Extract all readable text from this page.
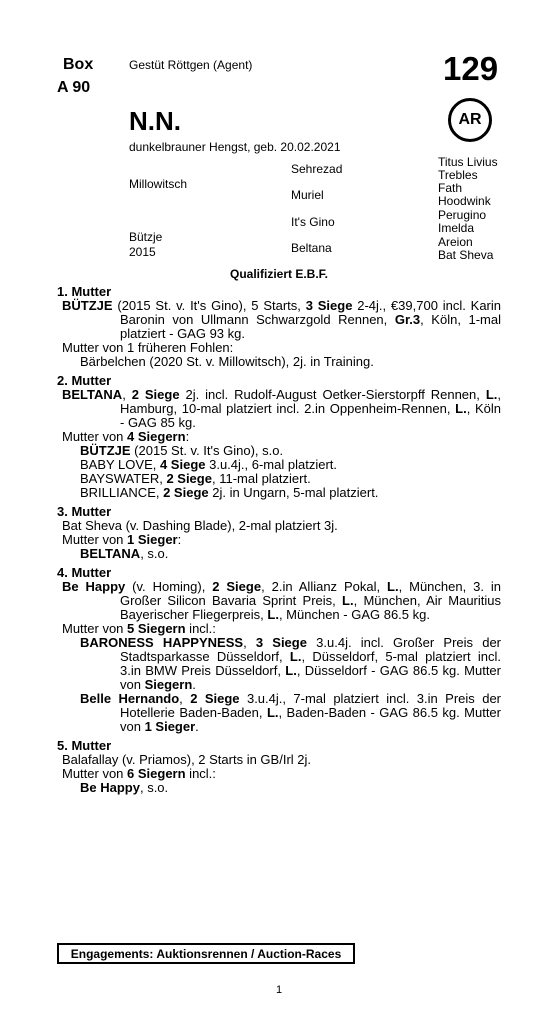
Box
A 90
Gestüt Röttgen (Agent)	129
AR
N.N.
dunkelbrauner Hengst, geb. 20.02.2021
Millowitsch
Sehrezad
Muriel
Bützje
2015
It's Gino
Beltana
Titus Livius
Trebles
Fath
Hoodwink
Perugino
Imelda
Areion
Bat Sheva
Qualifiziert E.B.F.
1. Mutter

BÜTZJE (2015 St. v. It's Gino), 5 Starts, 3 Siege 2-4j., €39,700 incl. Karin Baronin von Ullmann Schwarzgold Rennen, Gr.3, Köln, 1-mal platziert - GAG 93 kg.

Mutter von 1 früheren Fohlen:

Bärbelchen (2020 St. v. Millowitsch), 2j. in Training.

2. Mutter

BELTANA, 2 Siege 2j. incl. Rudolf-August Oetker-Sierstorpff Rennen, L., Hamburg, 10-mal platziert incl. 2.in Oppenheim-Rennen, L., Köln - GAG 85 kg.

Mutter von 4 Siegern:

BÜTZJE (2015 St. v. It's Gino), s.o.

BABY LOVE, 4 Siege 3.u.4j., 6-mal platziert.

BAYSWATER, 2 Siege, 11-mal platziert.

BRILLIANCE, 2 Siege 2j. in Ungarn, 5-mal platziert.

3. Mutter

Bat Sheva (v. Dashing Blade), 2-mal platziert 3j.

Mutter von 1 Sieger:

BELTANA, s.o.

4. Mutter

Be Happy (v. Homing), 2 Siege, 2.in Allianz Pokal, L., München, 3. in Großer Silicon Bavaria Sprint Preis, L., München, Air Mauritius Bayerischer Fliegerpreis, L., München - GAG 86.5 kg.

Mutter von 5 Siegern incl.:

BARONESS HAPPYNESS, 3 Siege 3.u.4j. incl. Großer Preis der Stadtsparkasse Düsseldorf, L., Düsseldorf, 5-mal platziert incl. 3.in BMW Preis Düsseldorf, L., Düsseldorf - GAG 86.5 kg. Mutter von Siegern.

Belle Hernando, 2 Siege 3.u.4j., 7-mal platziert incl. 3.in Preis der Hotellerie Baden-Baden, L., Baden-Baden - GAG 86.5 kg. Mutter von 1 Sieger.

5. Mutter

Balafallay (v. Priamos), 2 Starts in GB/Irl 2j.

Mutter von 6 Siegern incl.:

Be Happy, s.o.

Engagements: Auktionsrennen / Auction-Races
1
